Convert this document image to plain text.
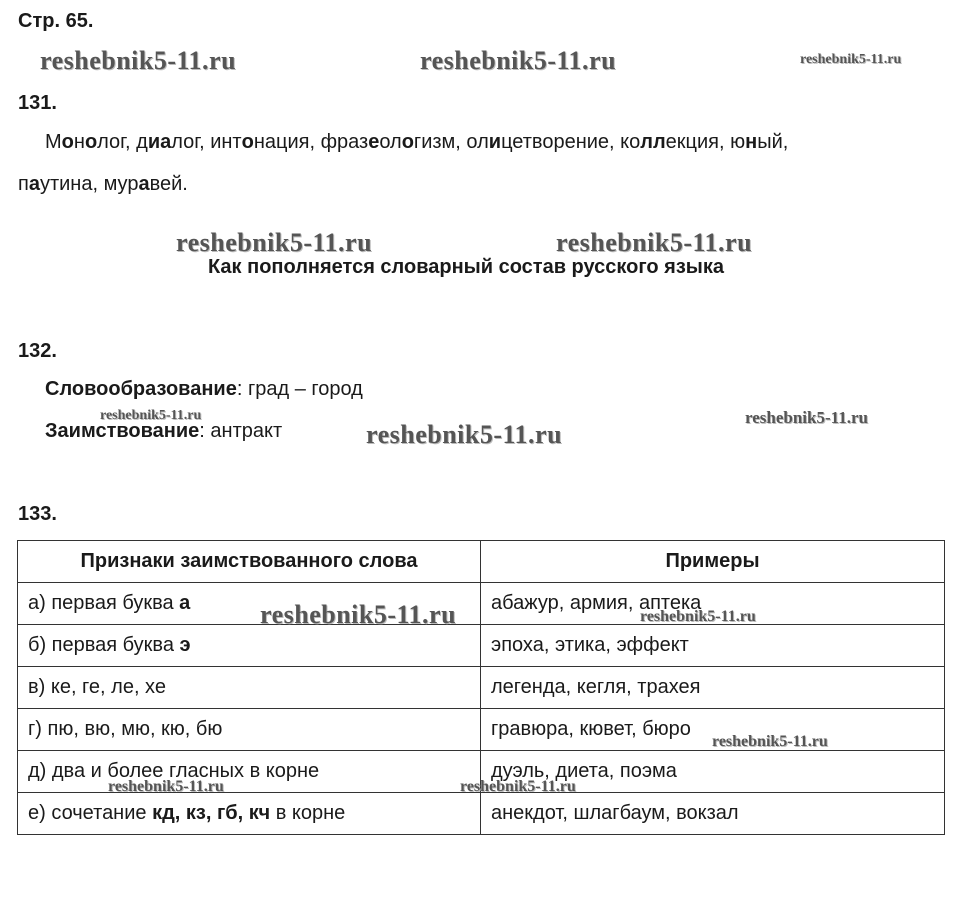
Стр. 65.
reshebnik5-11.ru	reshebnik5-11.ru	reshebnik5-11.ru
reshebnik5-11.ru	reshebnik5-11.ru
reshebnik5-11.ru	reshebnik5-11.ru
reshebnik5-11.ru
131.
Монолог, диалог, интонация, фразеологизм, олицетворение, коллекция, юный,
паутина, муравей.
Как пополняется словарный состав русского языка
132.
Словообразование: град – город
Заимствование: антракт
133.
Признаки заимствованного слова	Примеры
а) первая буква а	абажур, армия, аптека
б) первая буква э	эпоха, этика, эффект
в) ке, ге, ле, хе	легенда, кегля, трахея
г) пю, вю, мю, кю, бю	гравюра, кювет, бюро
д) два и более гласных в корне	дуэль, диета, поэма
е) сочетание кд, кз, гб, кч в корне	анекдот, шлагбаум, вокзал
reshebnik5-11.ru	reshebnik5-11.ru
reshebnik5-11.ru
reshebnik5-11.ru	reshebnik5-11.ru
